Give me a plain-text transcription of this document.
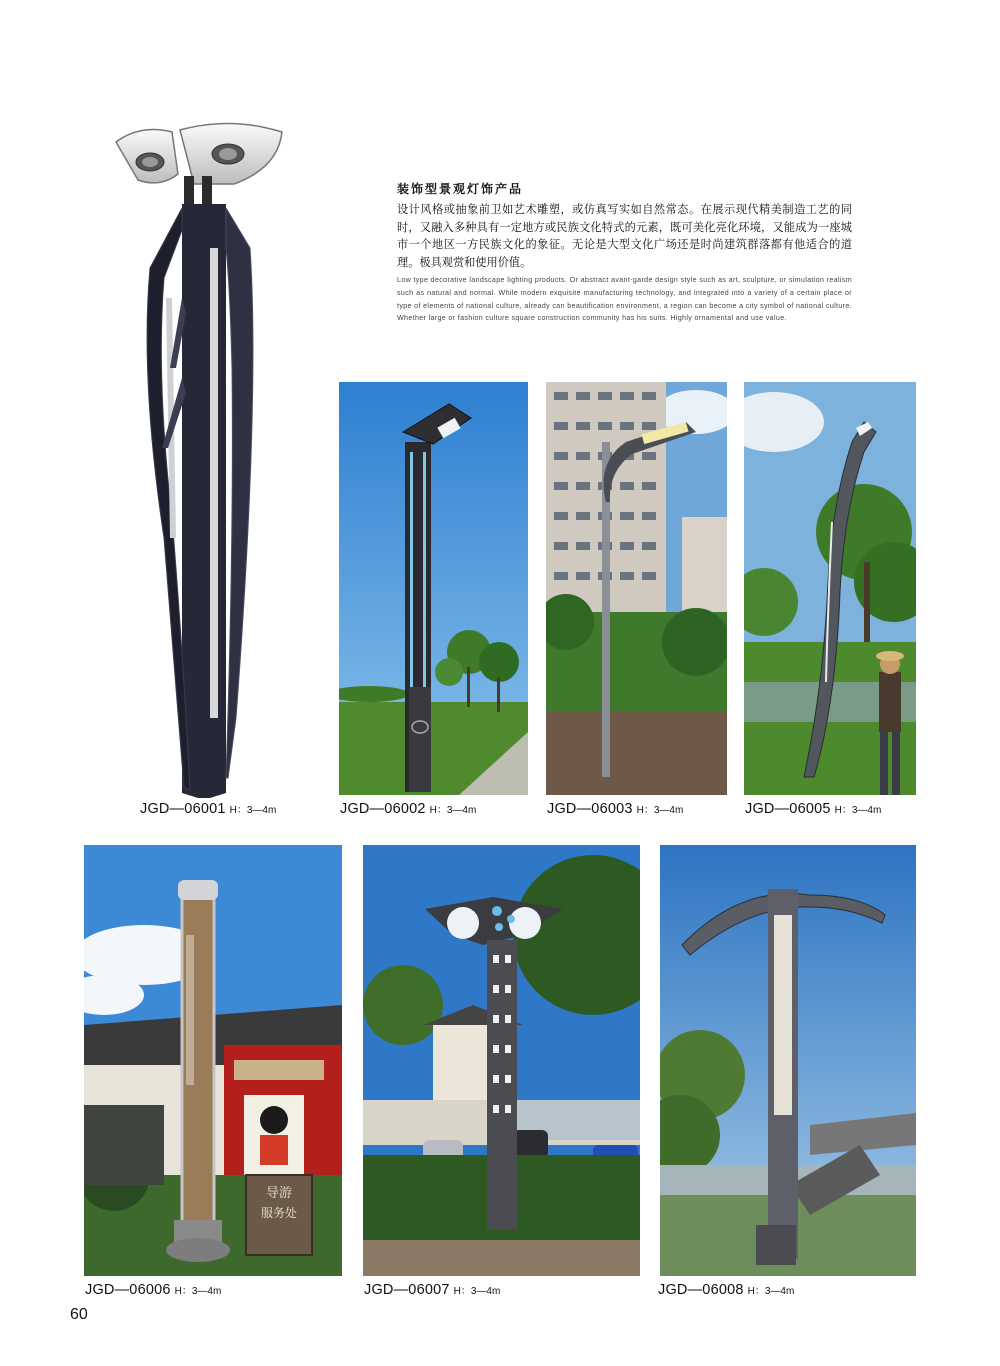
装饰型景观灯饰产品
设计风格或抽象前卫如艺术雕塑，或仿真写实如自然常态。在展示现代精美制造工艺的同时，又融入多种具有一定地方或民族文化特式的元素，既可美化亮化环境，又能成为一座城市一个地区一方民族文化的象征。无论是大型文化广场还是时尚建筑群落都有他适合的道理。极具观赏和使用价值。
Low type decorative landscape lighting products. Or abstract avant-garde design style such as art, sculpture, or simulation realism such as natural and normal. While modern exquisite manufacturing technology, and integrated into a variety of a certain place or type of elements of national culture, already can beautification environment, a region can become a city symbol of national culture. Whether large or fashion culture square construction community has his suits. Highly ornamental and use value.
导游
服务处
JGD—06001 H：3—4m	JGD—06002 H：3—4m	JGD—06003 H：3—4m	JGD—06005 H：3—4m
JGD—06006 H：3—4m	JGD—06007 H：3—4m	JGD—06008 H：3—4m
60
